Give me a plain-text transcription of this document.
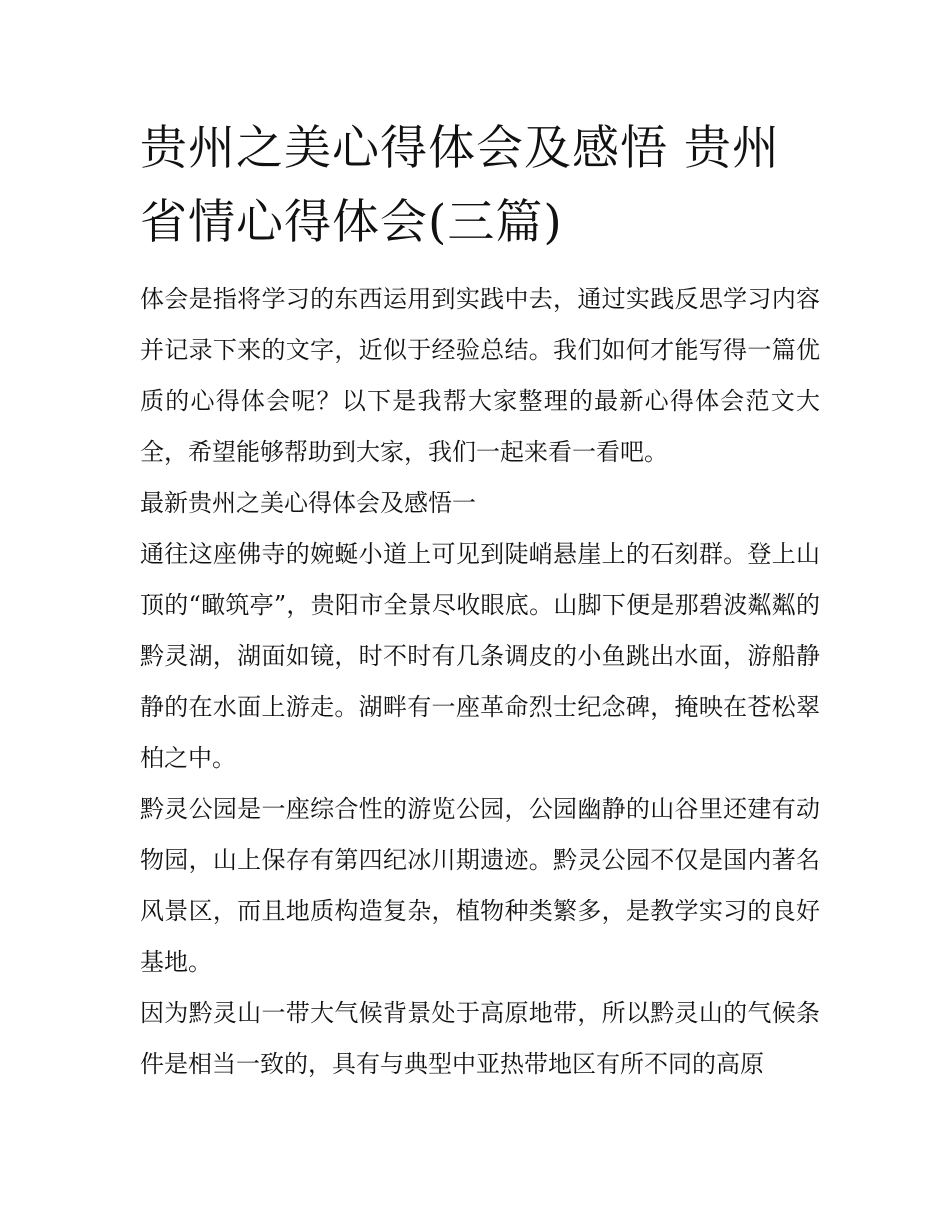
贵州之美心得体会及感悟 贵州省情心得体会(三篇)

体会是指将学习的东西运用到实践中去，通过实践反思学习内容并记录下来的文字，近似于经验总结。我们如何才能写得一篇优质的心得体会呢？以下是我帮大家整理的最新心得体会范文大全，希望能够帮助到大家，我们一起来看一看吧。

最新贵州之美心得体会及感悟一

通往这座佛寺的婉蜒小道上可见到陡峭悬崖上的石刻群。登上山顶的“瞰筑亭”，贵阳市全景尽收眼底。山脚下便是那碧波粼粼的黔灵湖，湖面如镜，时不时有几条调皮的小鱼跳出水面，游船静静的在水面上游走。湖畔有一座革命烈士纪念碑，掩映在苍松翠柏之中。

黔灵公园是一座综合性的游览公园，公园幽静的山谷里还建有动物园，山上保存有第四纪冰川期遗迹。黔灵公园不仅是国内著名风景区，而且地质构造复杂，植物种类繁多，是教学实习的良好基地。

因为黔灵山一带大气候背景处于高原地带，所以黔灵山的气候条件是相当一致的，具有与典型中亚热带地区有所不同的高原
